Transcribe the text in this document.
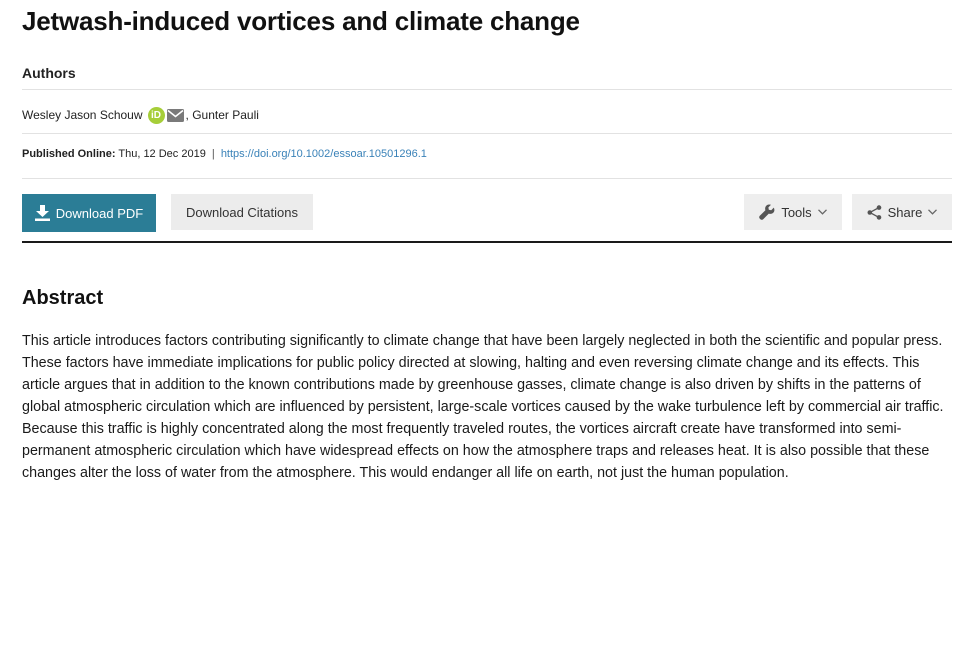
Jetwash-induced vortices and climate change
Authors
Wesley Jason Schouw iD ,
Gunter Pauli
Published Online: Thu, 12 Dec 2019 | https://doi.org/10.1002/essoar.10501296.1
Download PDF	Download Citations	Tools	Share
Abstract

This article introduces factors contributing significantly to climate change that have been largely neglected in both the scientific and popular press. These factors have immediate implications for public policy directed at slowing, halting and even reversing climate change and its effects. This article argues that in addition to the known contributions made by greenhouse gasses, climate change is also driven by shifts in the patterns of global atmospheric circulation which are influenced by persistent, large-scale vortices caused by the wake turbulence left by commercial air traffic. Because this traffic is highly concentrated along the most frequently traveled routes, the vortices aircraft create have transformed into semi-permanent atmospheric circulation which have widespread effects on how the atmosphere traps and releases heat. It is also possible that these changes alter the loss of water from the atmosphere. This would endanger all life on earth, not just the human population.
